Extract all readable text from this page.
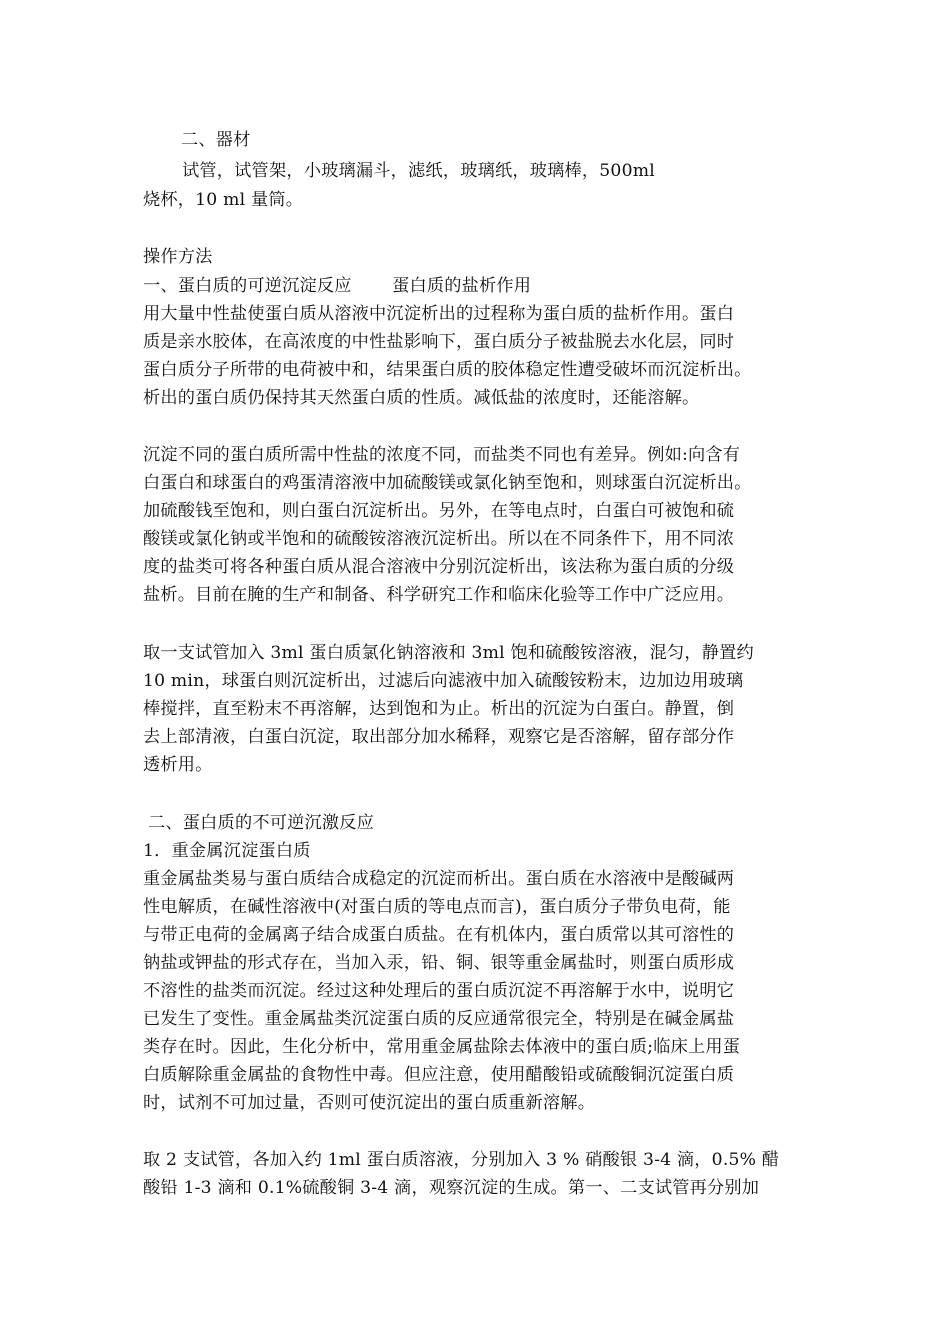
二、器材
试管，试管架，小玻璃漏斗，滤纸，玻璃纸，玻璃棒，500ml
烧杯，10 ml 量筒。
操作方法
一、蛋白质的可逆沉淀反应　　 蛋白质的盐析作用
用大量中性盐使蛋白质从溶液中沉淀析出的过程称为蛋白质的盐析作用。蛋白
质是亲水胶体，在高浓度的中性盐影响下，蛋白质分子被盐脱去水化层，同时
蛋白质分子所带的电荷被中和，结果蛋白质的胶体稳定性遭受破坏而沉淀析出。
析出的蛋白质仍保持其天然蛋白质的性质。减低盐的浓度时，还能溶解。
沉淀不同的蛋白质所需中性盐的浓度不同，而盐类不同也有差异。例如:向含有
白蛋白和球蛋白的鸡蛋清溶液中加硫酸镁或氯化钠至饱和，则球蛋白沉淀析出。
加硫酸钱至饱和，则白蛋白沉淀析出。另外，在等电点时，白蛋白可被饱和硫
酸镁或氯化钠或半饱和的硫酸铵溶液沉淀析出。所以在不同条件下，用不同浓
度的盐类可将各种蛋白质从混合溶液中分别沉淀析出，该法称为蛋白质的分级
盐析。目前在腌的生产和制备、科学研究工作和临床化验等工作中广泛应用。
取一支试管加入 3ml 蛋白质氯化钠溶液和 3ml 饱和硫酸铵溶液，混匀，静置约
10 min，球蛋白则沉淀析出，过滤后向滤液中加入硫酸铵粉末，边加边用玻璃
棒搅拌，直至粉末不再溶解，达到饱和为止。析出的沉淀为白蛋白。静置，倒
去上部清液，白蛋白沉淀，取出部分加水稀释，观察它是否溶解，留存部分作
透析用。
二、蛋白质的不可逆沉激反应
1．重金属沉淀蛋白质
重金属盐类易与蛋白质结合成稳定的沉淀而析出。蛋白质在水溶液中是酸碱两
性电解质，在碱性溶液中(对蛋白质的等电点而言)，蛋白质分子带负电荷，能
与带正电荷的金属离子结合成蛋白质盐。在有机体内，蛋白质常以其可溶性的
钠盐或钾盐的形式存在，当加入汞，铅、铜、银等重金属盐时，则蛋白质形成
不溶性的盐类而沉淀。经过这种处理后的蛋白质沉淀不再溶解于水中，说明它
已发生了变性。重金属盐类沉淀蛋白质的反应通常很完全，特别是在碱金属盐
类存在时。因此，生化分析中，常用重金属盐除去体液中的蛋白质;临床上用蛋
白质解除重金属盐的食物性中毒。但应注意，使用醋酸铅或硫酸铜沉淀蛋白质
时，试剂不可加过量，否则可使沉淀出的蛋白质重新溶解。
取 2 支试管，各加入约 1ml 蛋白质溶液，分别加入 3 % 硝酸银 3-4 滴，0.5% 醋
酸铅 1-3 滴和 0.1%硫酸铜 3-4 滴，观察沉淀的生成。第一、二支试管再分别加
